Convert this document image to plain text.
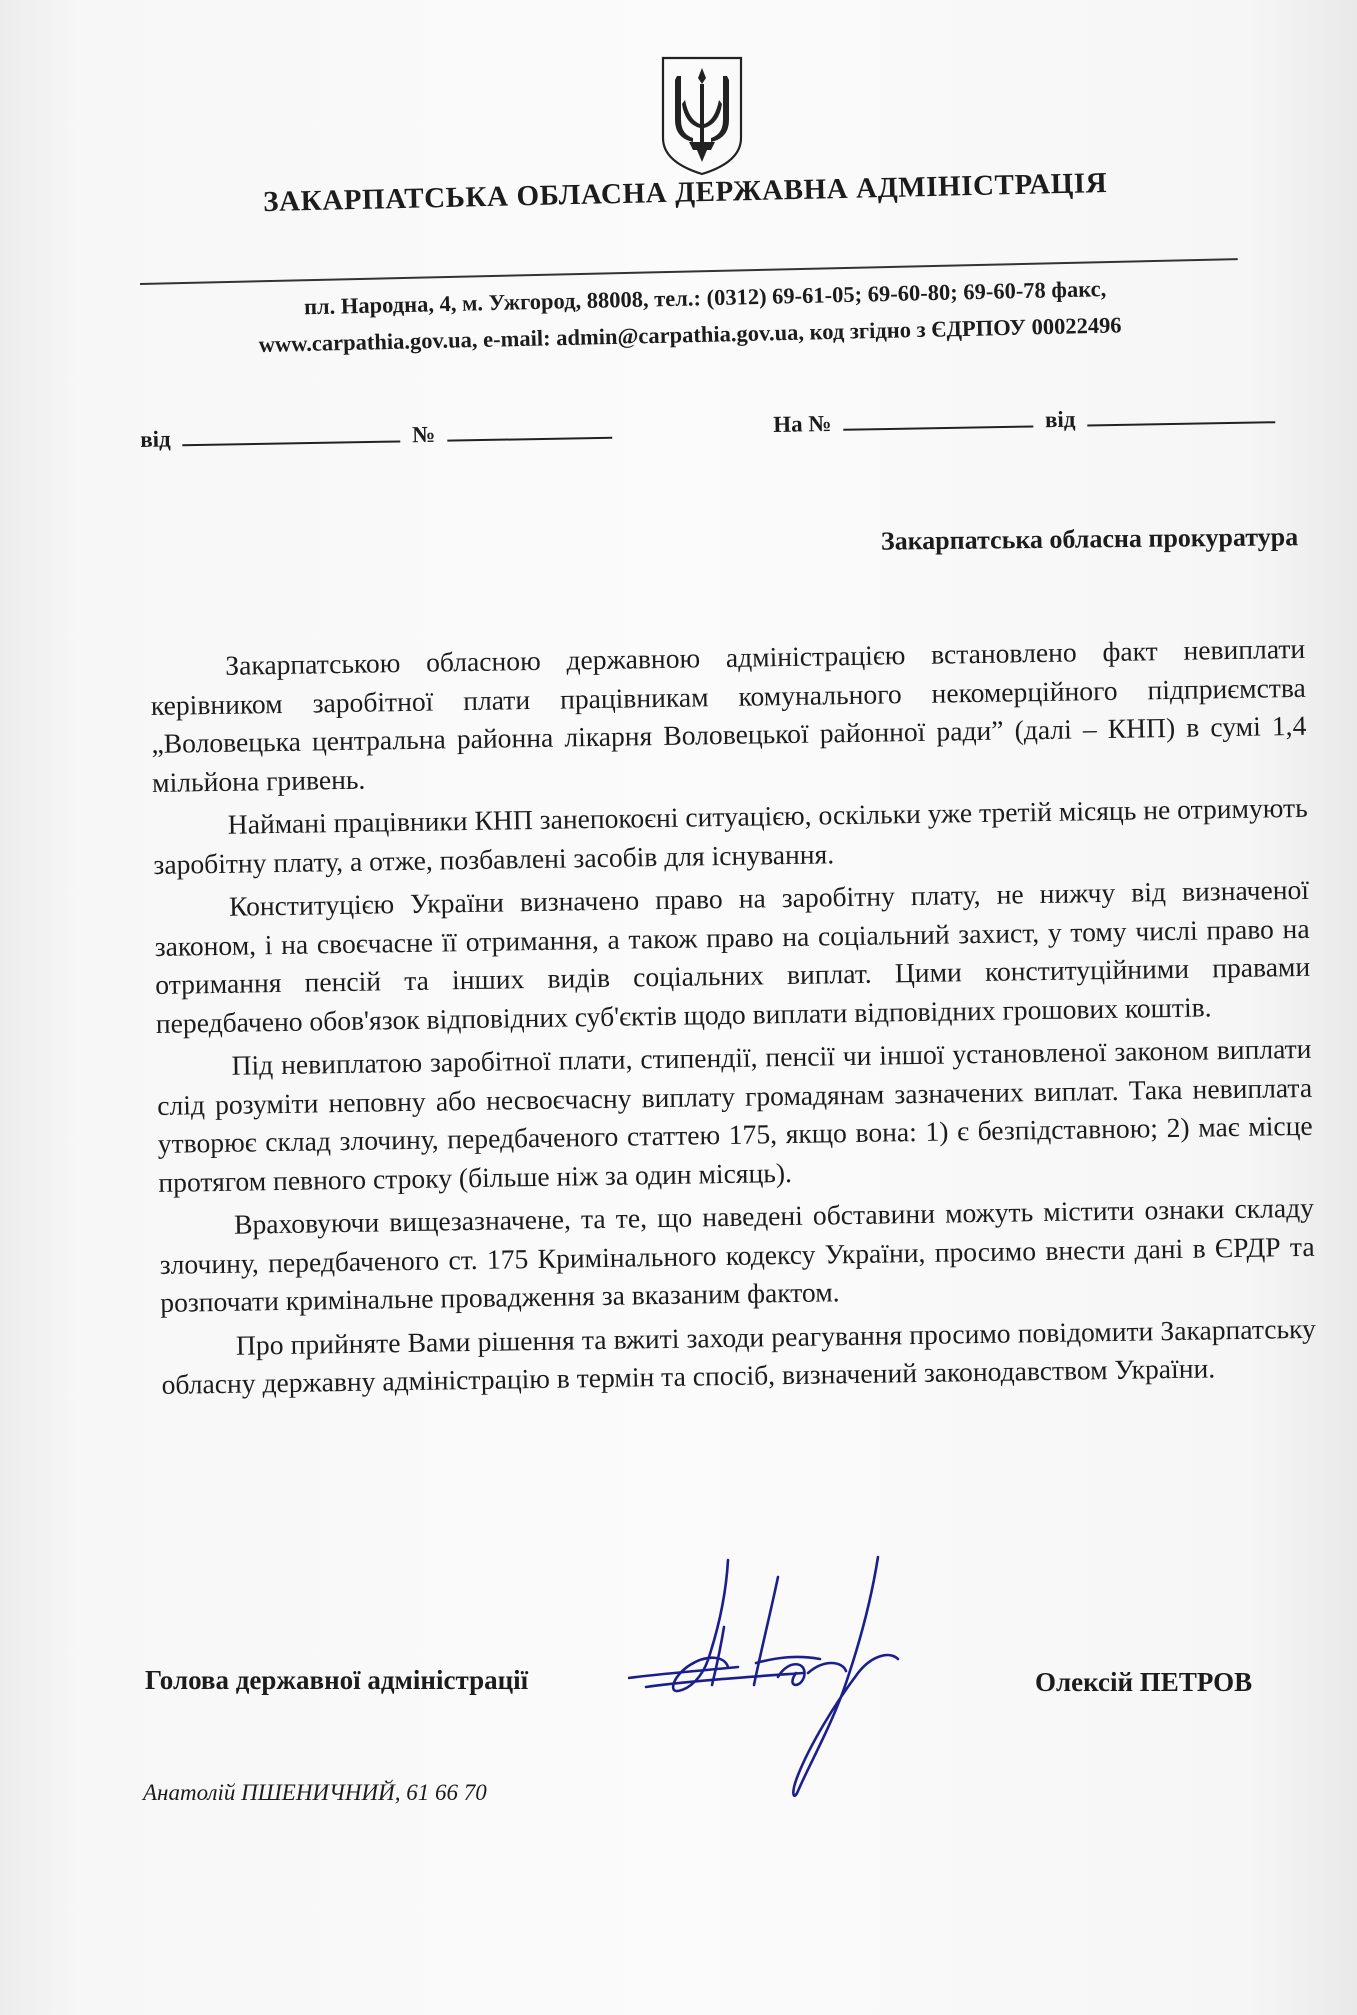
ЗАКАРПАТСЬКА ОБЛАСНА ДЕРЖАВНА АДМІНІСТРАЦІЯ
пл. Народна, 4, м. Ужгород, 88008, тел.: (0312) 69-61-05; 69-60-80; 69-60-78 факс,
www.carpathia.gov.ua, e-mail: admin@carpathia.gov.ua, код згідно з ЄДРПОУ 00022496
від	№	На №	від
Закарпатська обласна прокуратура

Закарпатською обласною державною адміністрацією встановлено факт невиплати керівником заробітної плати працівникам комунального некомерційного підприємства „Воловецька центральна районна лікарня Воловецької районної ради” (далі – КНП) в сумі 1,4 мільйона гривень.

Наймані працівники КНП занепокоєні ситуацією, оскільки уже третій місяць не отримують заробітну плату, а отже, позбавлені засобів для існування.

Конституцією України визначено право на заробітну плату, не нижчу від визначеної законом, і на своєчасне її отримання, а також право на соціальний захист, у тому числі право на отримання пенсій та інших видів соціальних виплат. Цими конституційними правами передбачено обов'язок відповідних суб'єктів щодо виплати відповідних грошових коштів.

Під невиплатою заробітної плати, стипендії, пенсії чи іншої установленої законом виплати слід розуміти неповну або несвоєчасну виплату громадянам зазначених виплат. Така невиплата утворює склад злочину, передбаченого статтею 175, якщо вона: 1) є безпідставною; 2) має місце протягом певного строку (більше ніж за один місяць).

Враховуючи вищезазначене, та те, що наведені обставини можуть містити ознаки складу злочину, передбаченого ст. 175 Кримінального кодексу України, просимо внести дані в ЄРДР та розпочати кримінальне провадження за вказаним фактом.

Про прийняте Вами рішення та вжиті заходи реагування просимо повідомити Закарпатську обласну державну адміністрацію в термін та спосіб, визначений законодавством України.

Голова державної адміністрації	Олексій ПЕТРОВ
Анатолій ПШЕНИЧНИЙ, 61 66 70
